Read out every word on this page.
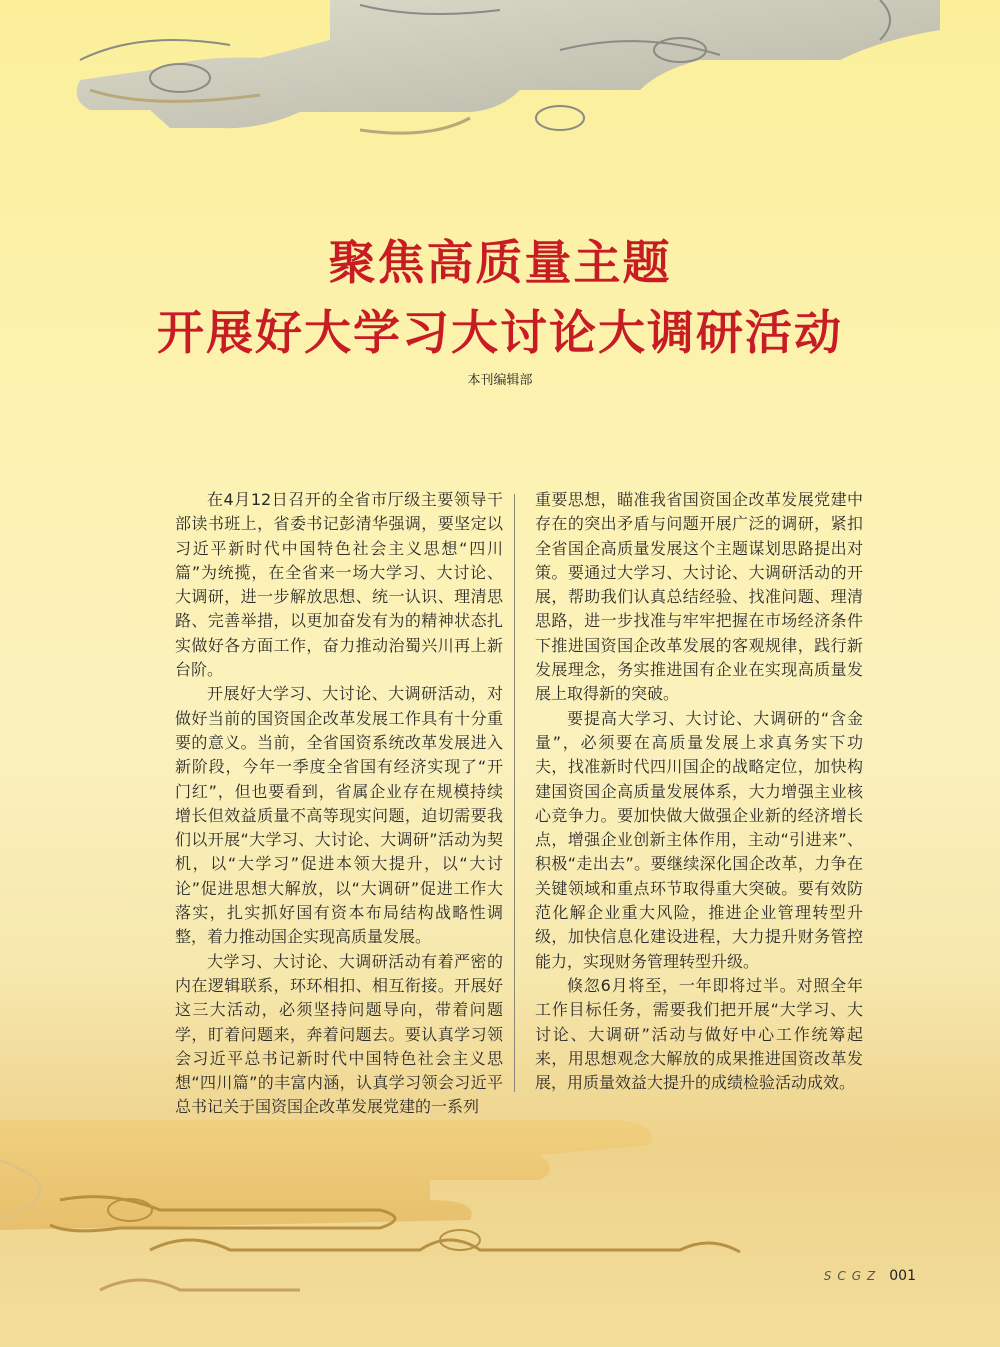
聚焦高质量主题
开展好大学习大讨论大调研活动
本刊编辑部

在4月12日召开的全省市厅级主要领导干部读书班上，省委书记彭清华强调，要坚定以习近平新时代中国特色社会主义思想“四川篇”为统揽，在全省来一场大学习、大讨论、大调研，进一步解放思想、统一认识、理清思路、完善举措，以更加奋发有为的精神状态扎实做好各方面工作，奋力推动治蜀兴川再上新台阶。

开展好大学习、大讨论、大调研活动，对做好当前的国资国企改革发展工作具有十分重要的意义。当前，全省国资系统改革发展进入新阶段，今年一季度全省国有经济实现了“开门红”，但也要看到，省属企业存在规模持续增长但效益质量不高等现实问题，迫切需要我们以开展“大学习、大讨论、大调研”活动为契机，以“大学习”促进本领大提升，以“大讨论”促进思想大解放，以“大调研”促进工作大落实，扎实抓好国有资本布局结构战略性调整，着力推动国企实现高质量发展。

大学习、大讨论、大调研活动有着严密的内在逻辑联系，环环相扣、相互衔接。开展好这三大活动，必须坚持问题导向，带着问题学，盯着问题来，奔着问题去。要认真学习领会习近平总书记新时代中国特色社会主义思想“四川篇”的丰富内涵，认真学习领会习近平总书记关于国资国企改革发展党建的一系列

重要思想，瞄准我省国资国企改革发展党建中存在的突出矛盾与问题开展广泛的调研，紧扣全省国企高质量发展这个主题谋划思路提出对策。要通过大学习、大讨论、大调研活动的开展，帮助我们认真总结经验、找准问题、理清思路，进一步找准与牢牢把握在市场经济条件下推进国资国企改革发展的客观规律，践行新发展理念，务实推进国有企业在实现高质量发展上取得新的突破。

要提高大学习、大讨论、大调研的“含金量”，必须要在高质量发展上求真务实下功夫，找准新时代四川国企的战略定位，加快构建国资国企高质量发展体系，大力增强主业核心竞争力。要加快做大做强企业新的经济增长点，增强企业创新主体作用，主动“引进来”、积极“走出去”。要继续深化国企改革，力争在关键领域和重点环节取得重大突破。要有效防范化解企业重大风险，推进企业管理转型升级，加快信息化建设进程，大力提升财务管控能力，实现财务管理转型升级。

倏忽6月将至，一年即将过半。对照全年工作目标任务，需要我们把开展“大学习、大讨论、大调研”活动与做好中心工作统筹起来，用思想观念大解放的成果推进国资改革发展，用质量效益大提升的成绩检验活动成效。

SCGZ 001
